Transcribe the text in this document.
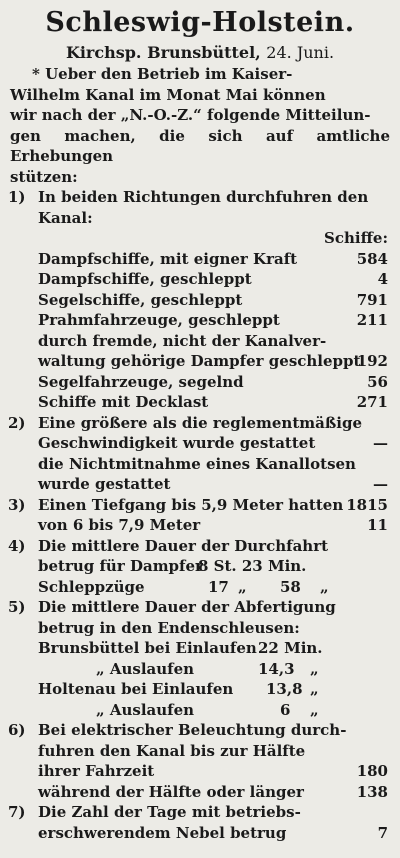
Schleswig-Holstein.
Kirchsp. Brunsbüttel, 24. Juni.
* Ueber den Betrieb im Kaiser-
Wilhelm Kanal im Monat Mai können
wir nach der „N.-O.-Z.“ folgende Mitteilun-
gen machen, die sich auf amtliche Erhebungen
stützen:
1) In beiden Richtungen durchfuhren den Kanal:
Schiffe:
Dampfschiffe, mit eigner Kraft	584
Dampfschiffe, geschleppt	4
Segelschiffe, geschleppt	791
Prahmfahrzeuge, geschleppt	211
durch fremde, nicht der Kanalver-
waltung gehörige Dampfer geschleppt
192
Segelfahrzeuge, segelnd	56
Schiffe mit Decklast	271
2) Eine größere als die reglementmäßige
Geschwindigkeit wurde gestattet	—
die Nichtmitnahme eines Kanallotsen
wurde gestattet	—
3) Einen Tiefgang bis 5,9 Meter hatten 1815
von 6 bis 7,9 Meter	11
4) Die mittlere Dauer der Durchfahrt
betrug für Dampfer
8 St. 23 Min.
Schleppzüge	17 „ 58 „
5) Die mittlere Dauer der Abfertigung
betrug in den Endenschleusen:
Brunsbüttel bei Einlaufen 22 Min.
„ Auslaufen	14,3 „
Holtenau bei Einlaufen 13,8 „
„ Auslaufen	6 „
6) Bei elektrischer Beleuchtung durch-
fuhren den Kanal bis zur Hälfte
ihrer Fahrzeit	180
während der Hälfte oder länger	138
7) Die Zahl der Tage mit betriebs-
erschwerendem Nebel betrug	7
